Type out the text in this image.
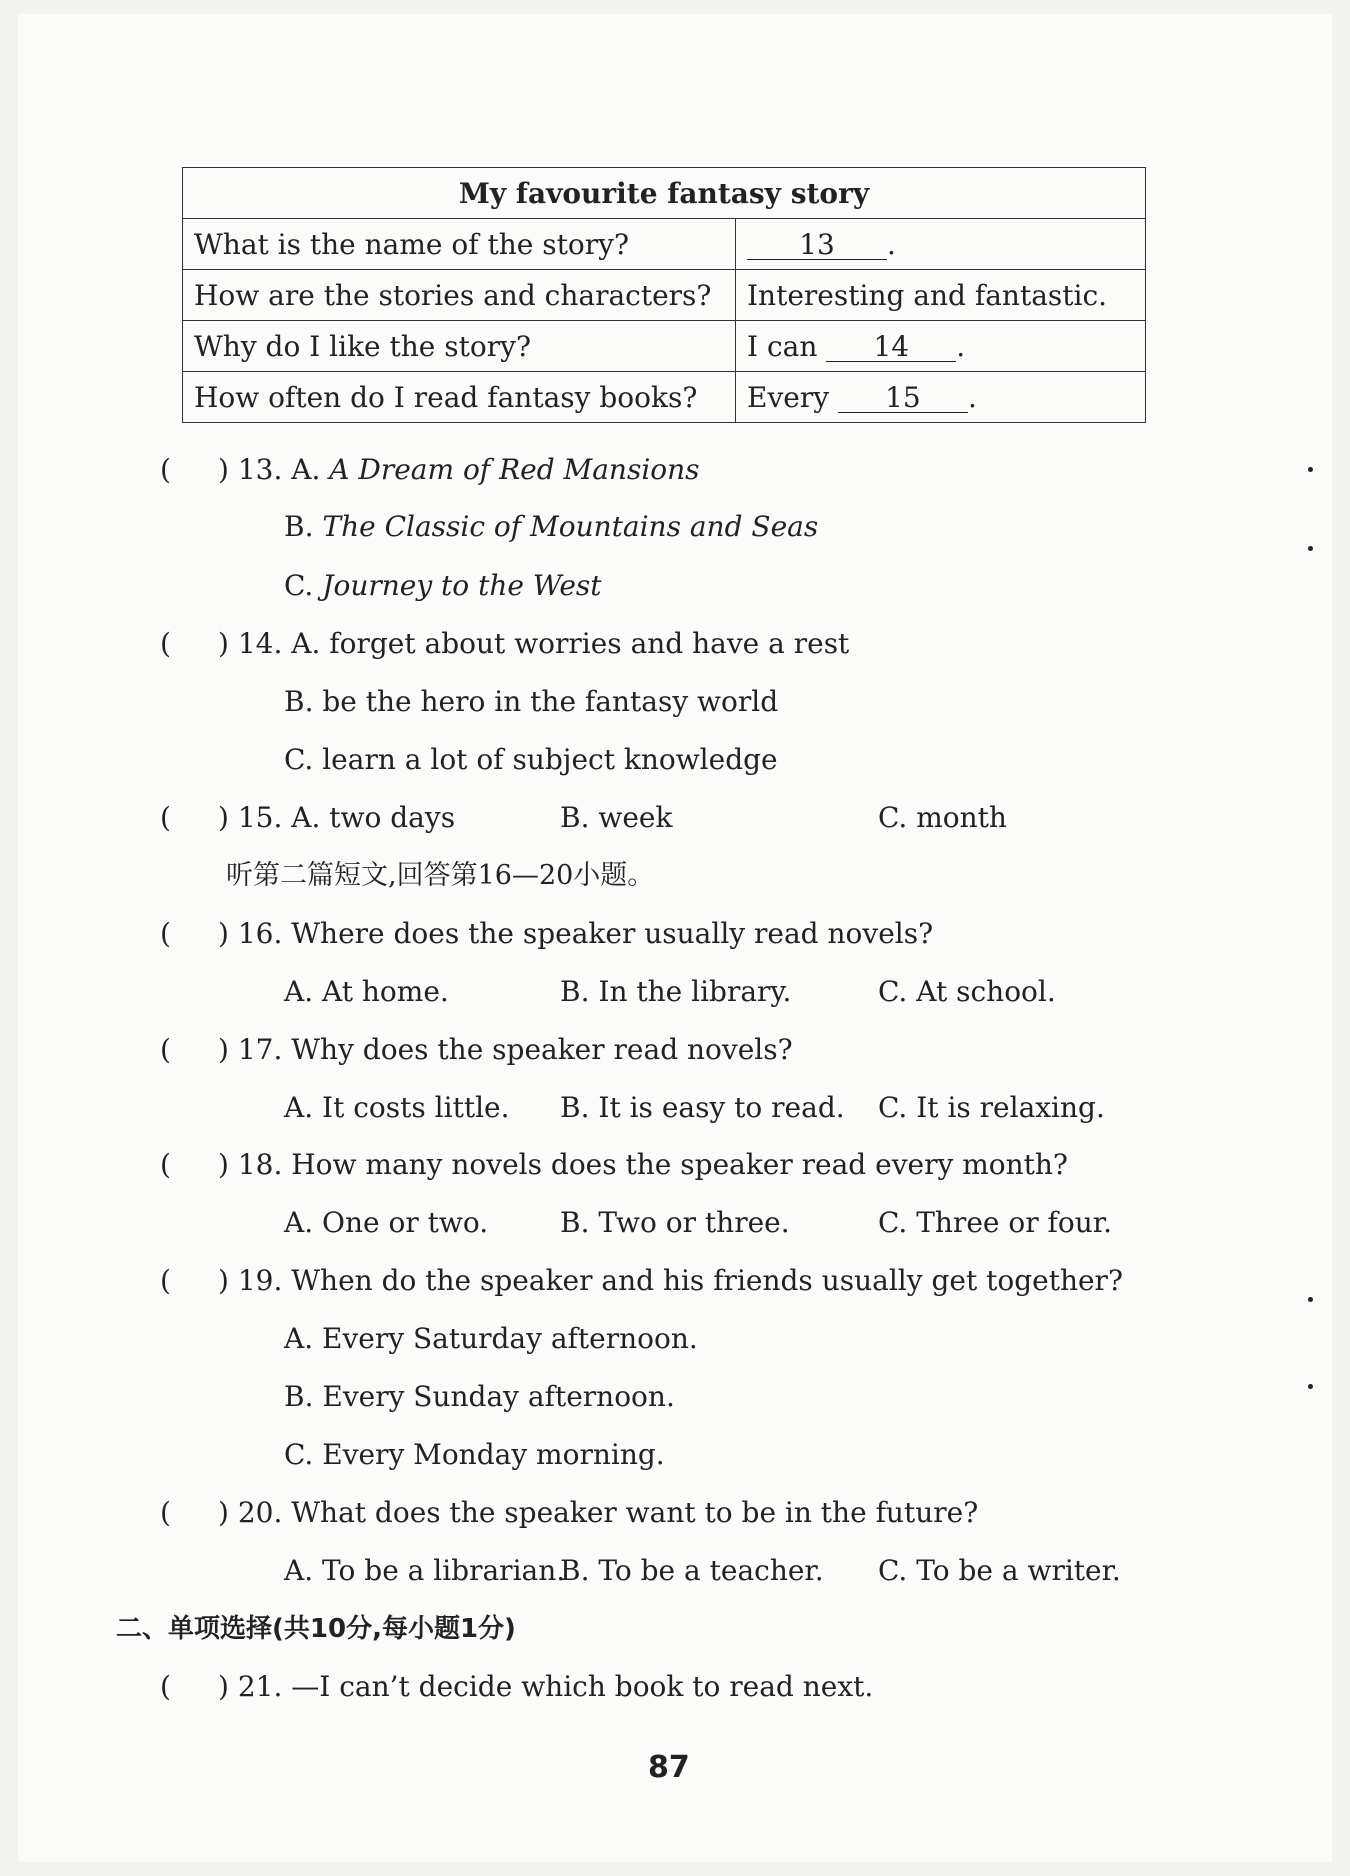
My favourite fantasy story	
What is the name of the story?	13 .
How are the stories and characters?	Interesting and fantastic.
Why do I like the story?	I can 14 .
How often do I read fantasy books?	Every 15 .
( ) 13. A. A Dream of Red Mansions
B. The Classic of Mountains and Seas
C. Journey to the West
( ) 14. A. forget about worries and have a rest
B. be the hero in the fantasy world
C. learn a lot of subject knowledge
( ) 15. A. two days	B. week	C. month
听第二篇短文,回答第16—20小题。
( ) 16. Where does the speaker usually read novels?
A. At home.	B. In the library.	C. At school.
( ) 17. Why does the speaker read novels?
A. It costs little. B. It is easy to read. C. It is relaxing.
( ) 18. How many novels does the speaker read every month?
A. One or two.	B. Two or three.	C. Three or four.
( ) 19. When do the speaker and his friends usually get together?
A. Every Saturday afternoon.
B. Every Sunday afternoon.
C. Every Monday morning.
( ) 20. What does the speaker want to be in the future?
A. To be a librarian.
B. To be a teacher. C. To be a writer.
二、单项选择(共10分,每小题1分)
( ) 21. —I can’t decide which book to read next.
87
